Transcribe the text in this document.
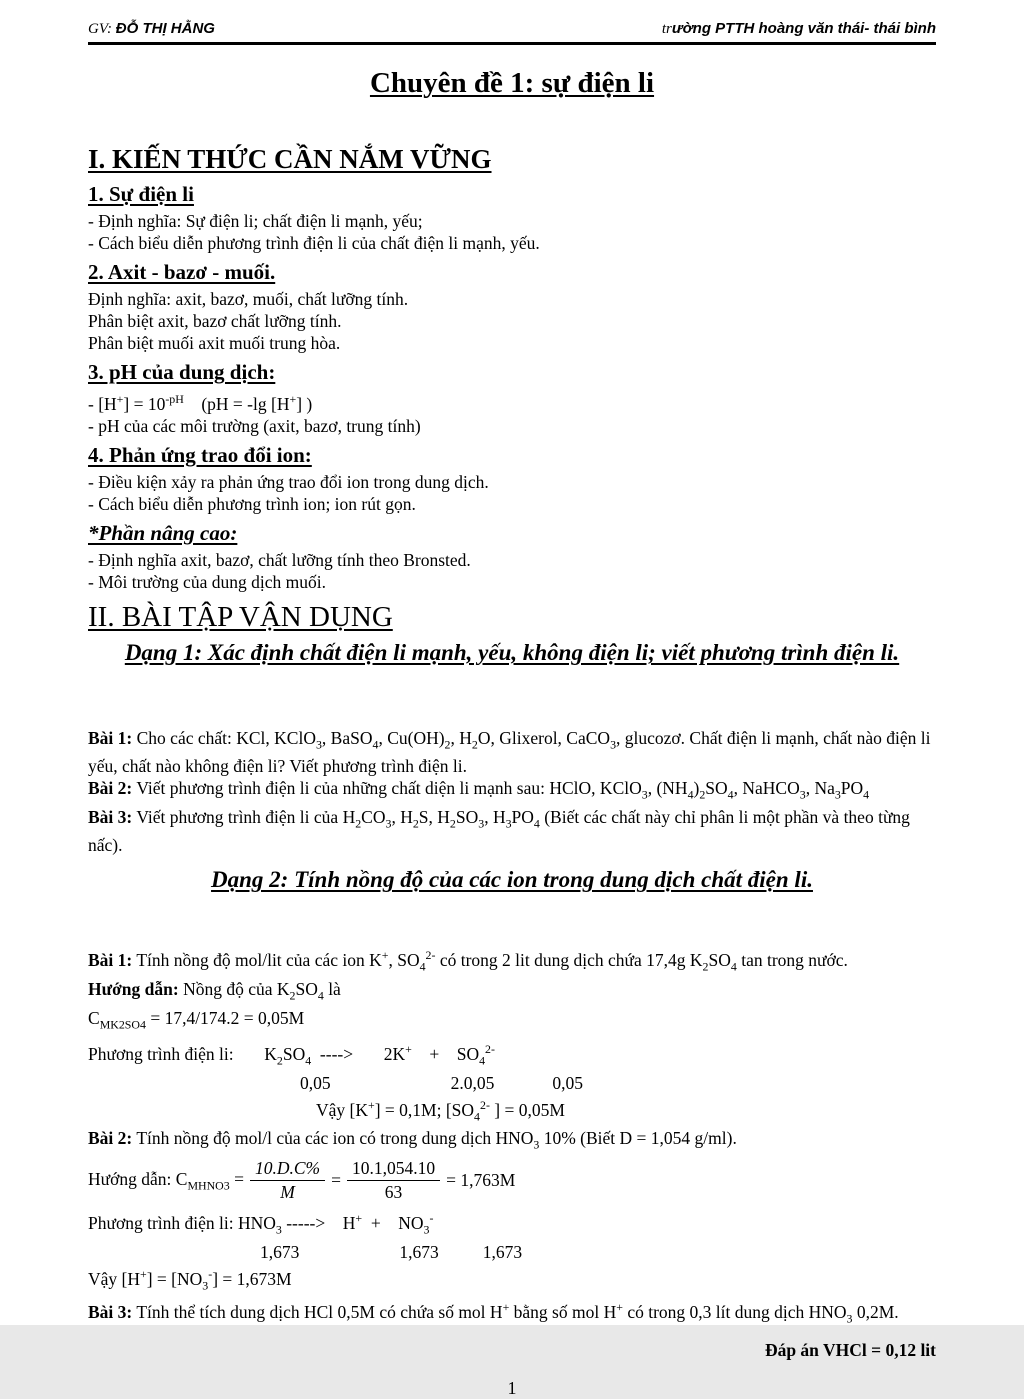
GV: ĐỖ THỊ HẰNG	trường PTTH hoàng văn thái- thái bình
Chuyên đề 1: sự điện li
I. KIẾN THỨC CẦN NẮM VỮNG
1. Sự điện li

- Định nghĩa: Sự điện li; chất điện li mạnh, yếu;

- Cách biểu diễn phương trình điện li của chất điện li mạnh, yếu.

2. Axit - bazơ - muối.

Định nghĩa: axit, bazơ, muối, chất lưỡng tính.

Phân biệt axit, bazơ chất lưỡng tính.

Phân biệt muối axit muối trung hòa.

3. pH của dung dịch:

- $[H^+] = 10^{-pH}$    (pH = -lg [H+] )

- pH của các môi trường (axit, bazơ, trung tính)

4. Phản ứng trao đổi ion:

- Điều kiện xảy ra phản ứng trao đổi ion trong dung dịch.

- Cách biểu diễn phương trình ion; ion rút gọn.

*Phần nâng cao:

- Định nghĩa axit, bazơ, chất lưỡng tính theo Bronsted.

- Môi trường của dung dịch muối.

II. BÀI TẬP VẬN DỤNG
Dạng 1: Xác định chất điện li mạnh, yếu, không điện li; viết phương trình điện li.

Bài 1: Cho các chất: KCl, KClO$_3$, BaSO$_4$, $Cu(OH)_2$, $H_2O$, Glixerol, CaCO$_3$, glucozơ. Chất điện li mạnh, chất nào điện li yếu, chất nào không điện li? Viết phương trình điện li.

Bài 2: Viết phương trình điện li của những chất diện li mạnh sau: HClO, KClO$_3$, $(NH_4)_2SO_4$, NaHCO$_3$, $Na_3PO_4$

Bài 3: Viết phương trình điện li của $H_2CO_3$, $H_2S$, $H_2SO_3$, $H_3PO_4$ (Biết các chất này chỉ phân li một phần và theo từng nấc).

Dạng 2: Tính nồng độ của các ion trong dung dịch chất điện li.

Bài 1: Tính nồng độ mol/lit của các ion K+, $SO_4^{2-}$ có trong 2 lit dung dịch chứa 17,4g $K_2SO_4$ tan trong nước.

Hướng dẫn: Nồng độ của $K_2SO_4$ là

$C_{MK2SO4} = 17,4/174.2 = 0,05M$

Phương trình điện li:       $K_2SO_4$  ---->       2K+    +    $SO_4^{2-}$

0,05	2.0,05	0,05

Vậy [K+] = 0,1M; [$SO_4^{2-}$ ] = 0,05M

Bài 2: Tính nồng độ mol/l của các ion có trong dung dịch $HNO_3$ 10% (Biết D = 1,054 g/ml).

Hướng dẫn: $C_{MHNO3} = \frac{10.D.C\%}{M} = \frac{10.1,054.10}{63} = 1,763M$

Phương trình điện li: $HNO_3$ ----->    H+  +    $NO_3^-$

1,673	1,673	1,673

Vậy $[H^+] = [NO_3^-] = 1,673M$

Bài 3: Tính thể tích dung dịch HCl 0,5M có chứa số mol H+ bằng số mol H+ có trong 0,3 lít dung dịch $HNO_3$ 0,2M.

Đáp án VHCl = 0,12 lit

1
